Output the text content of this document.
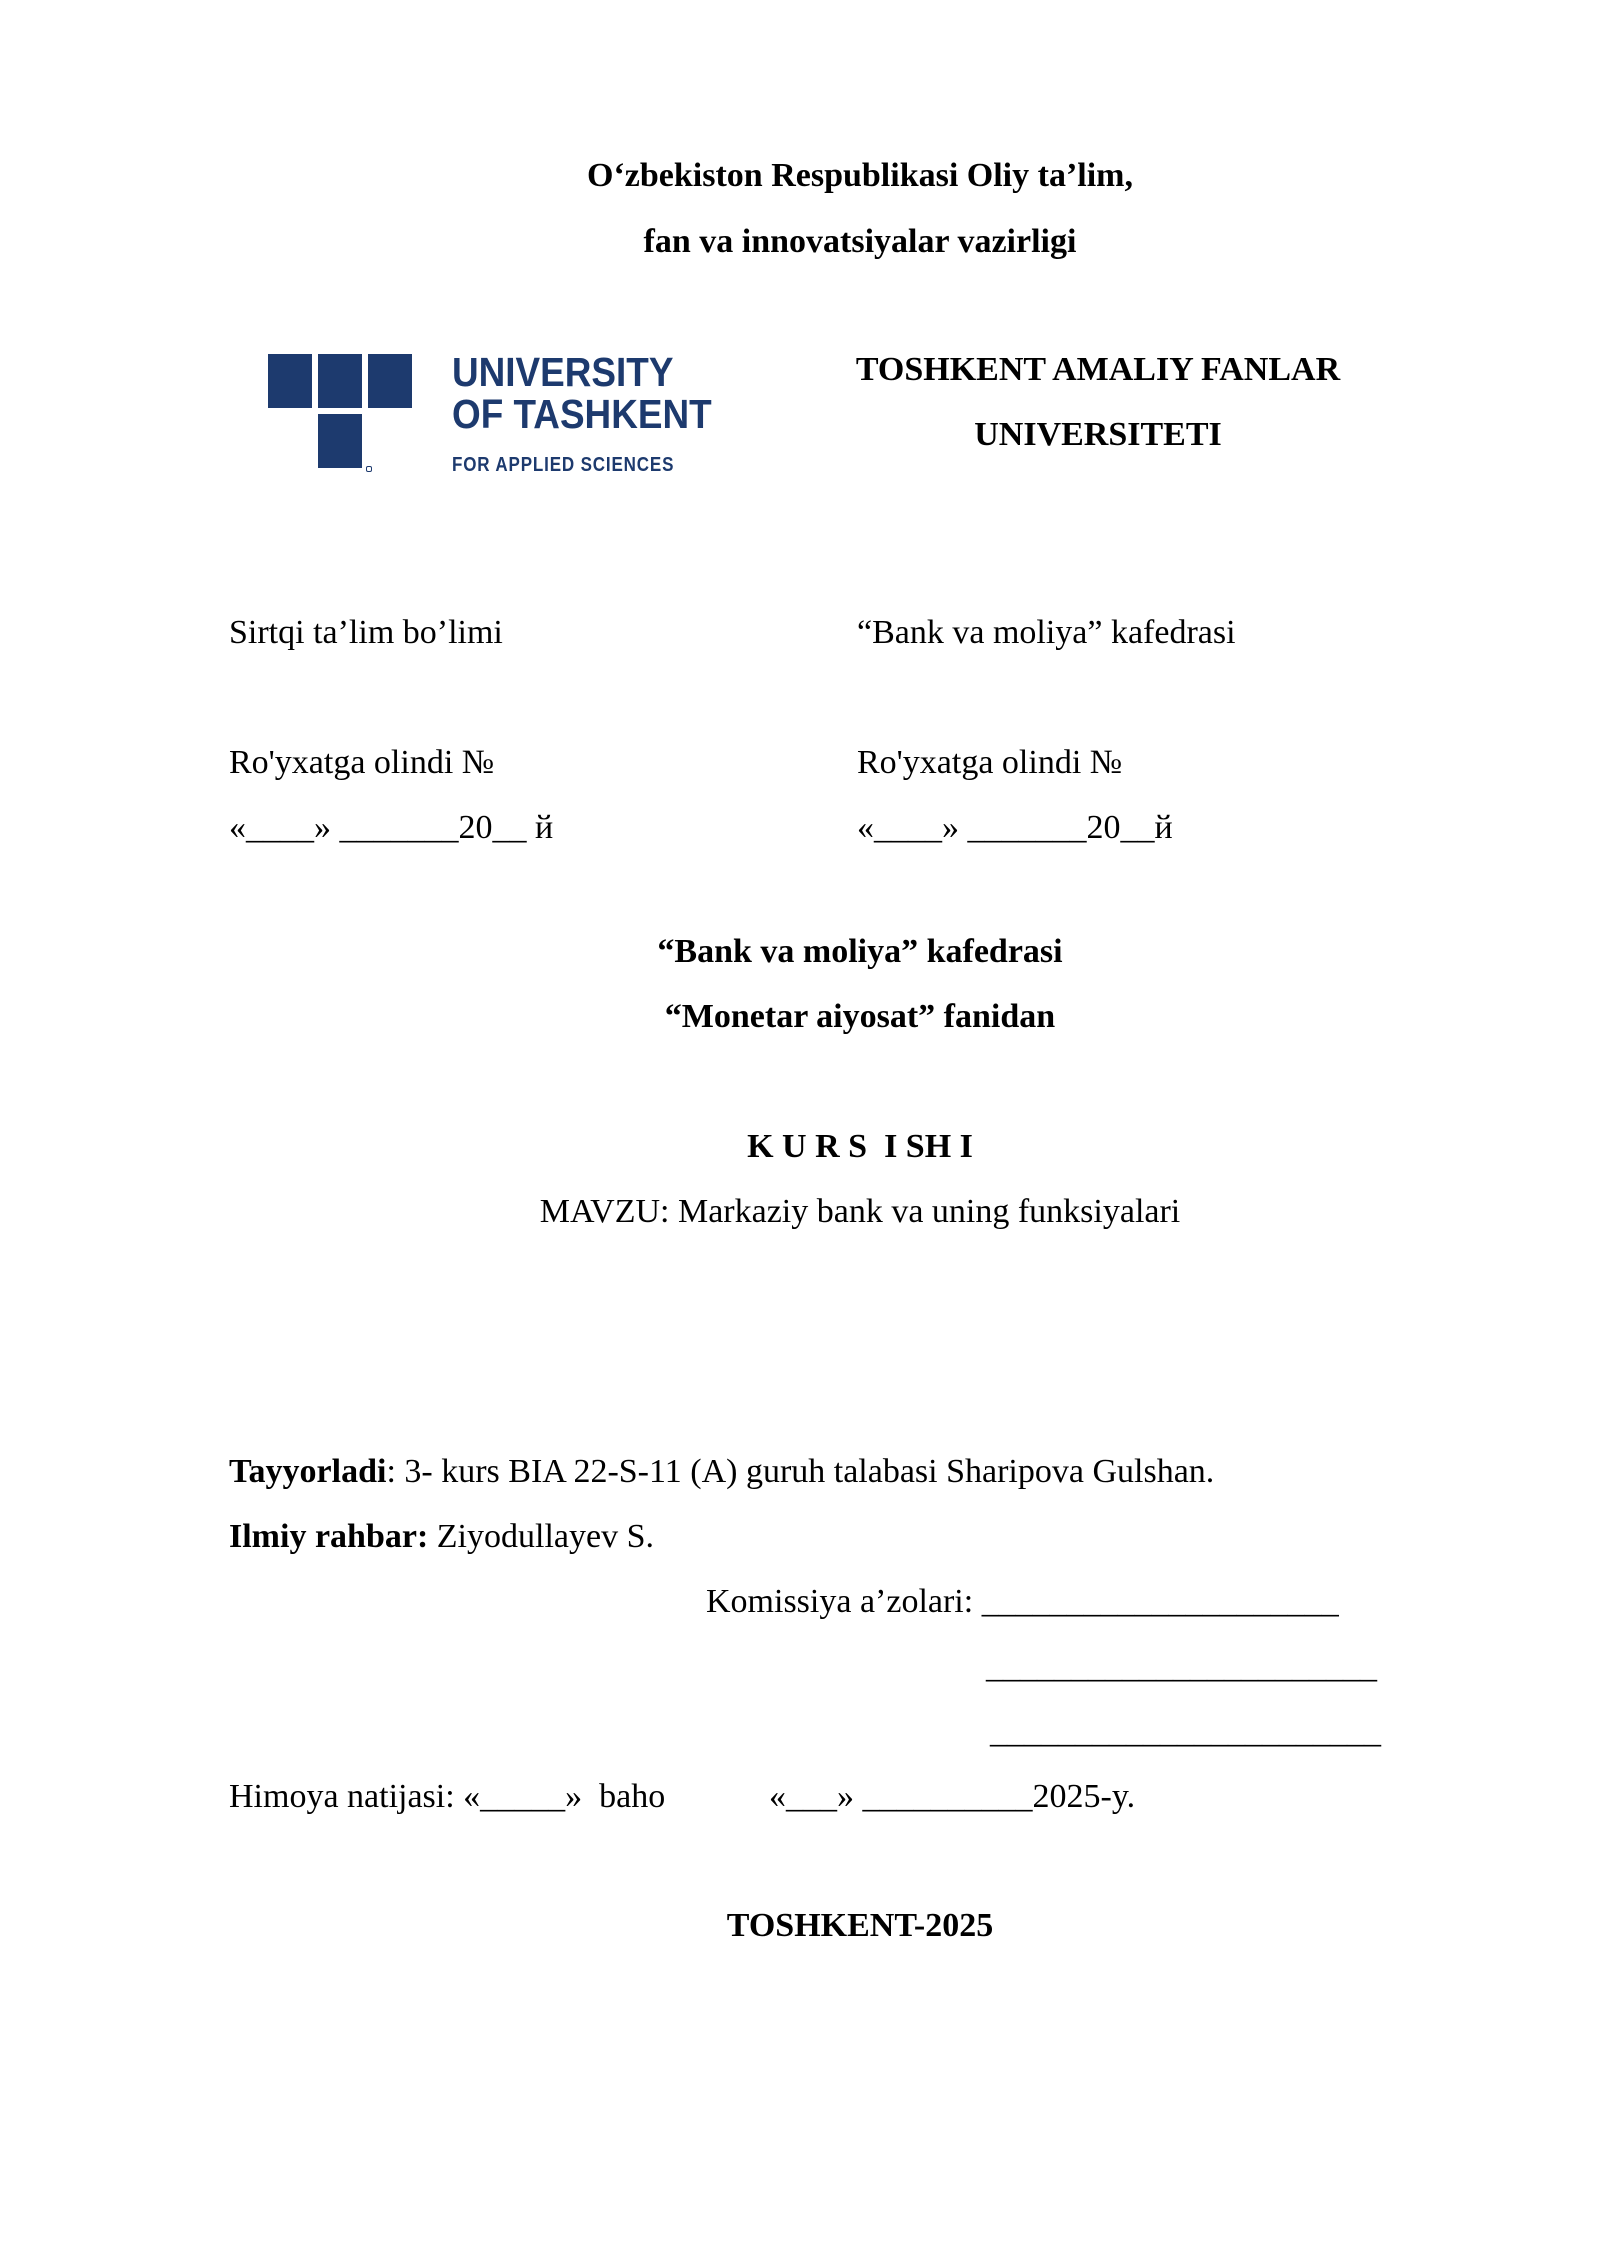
O‘zbekiston Respublikasi Oliy ta’lim,
fan va innovatsiyalar vazirligi
UNIVERSITY
OF TASHKENT
FOR APPLIED SCIENCES
TOSHKENT AMALIY FANLAR
UNIVERSITETI
Sirtqi ta’lim bo’limi
Ro'yxatga olindi №
«____» _______20__ й
“Bank va moliya” kafedrasi
Ro'yxatga olindi №
«____» _______20__й
“Bank va moliya” kafedrasi
“Monetar aiyosat” fanidan
K U R S  I SH I
MAVZU: Markaziy bank va uning funksiyalari
Tayyorladi: 3- kurs BIA 22-S-11 (A) guruh talabasi Sharipova Gulshan.
Ilmiy rahbar: Ziyodullayev S.
Komissiya a’zolari: _____________________
_______________________
_______________________
Himoya natijasi: «_____»  baho	«___» __________2025-y.
TOSHKENT-2025
